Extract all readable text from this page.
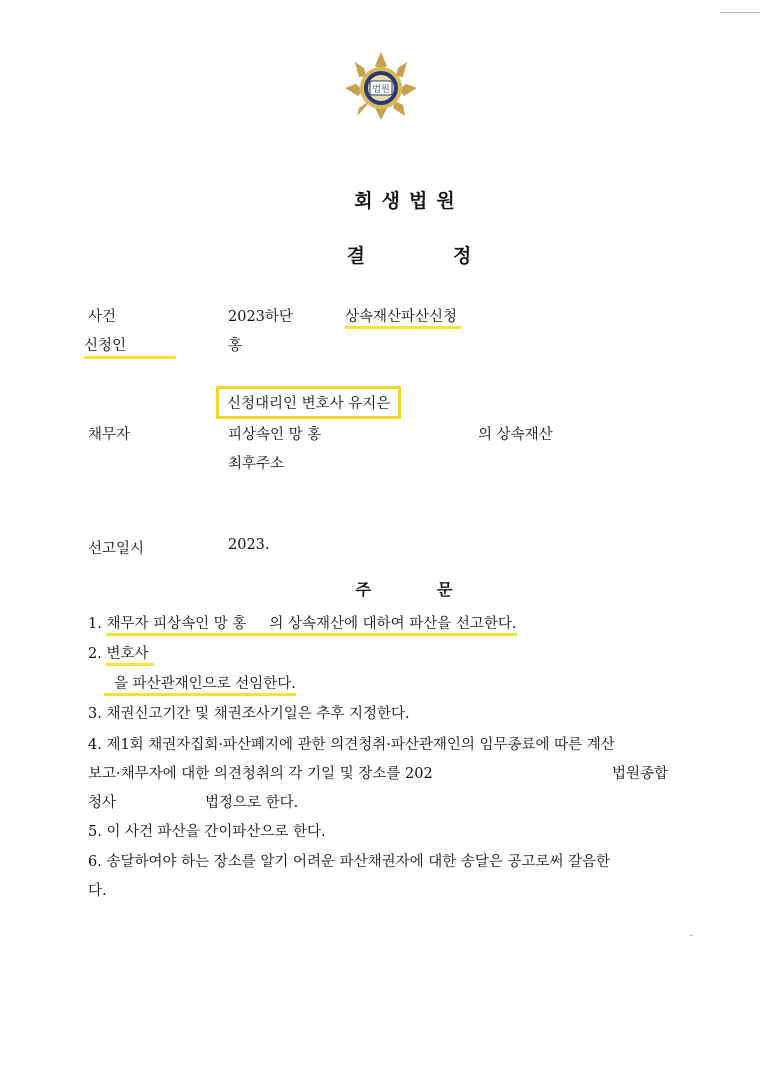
법원
회생법원
결	정
사건	2023하단	상속재산파산신청
신청인	홍
신청대리인 변호사 유지은
채무자	피상속인 망 홍	의 상속재산
최후주소
선고일시	2023.
주	문
1. 채무자 피상속인 망 홍     의 상속재산에 대하여 파산을 선고한다.
2. 변호사
을 파산관재인으로 선임한다.
3. 채권신고기간 및 채권조사기일은 추후 지정한다.
4. 제1회 채권자집회·파산폐지에 관한 의견청취·파산관재인의 임무종료에 따른 계산
보고·채무자에 대한 의견청취의 각 기일 및 장소를 202	법원종합
청사	법정으로 한다.
5. 이 사건 파산을 간이파산으로 한다.
6. 송달하여야 하는 장소를 알기 어려운 파산채권자에 대한 송달은 공고로써 갈음한
다.
